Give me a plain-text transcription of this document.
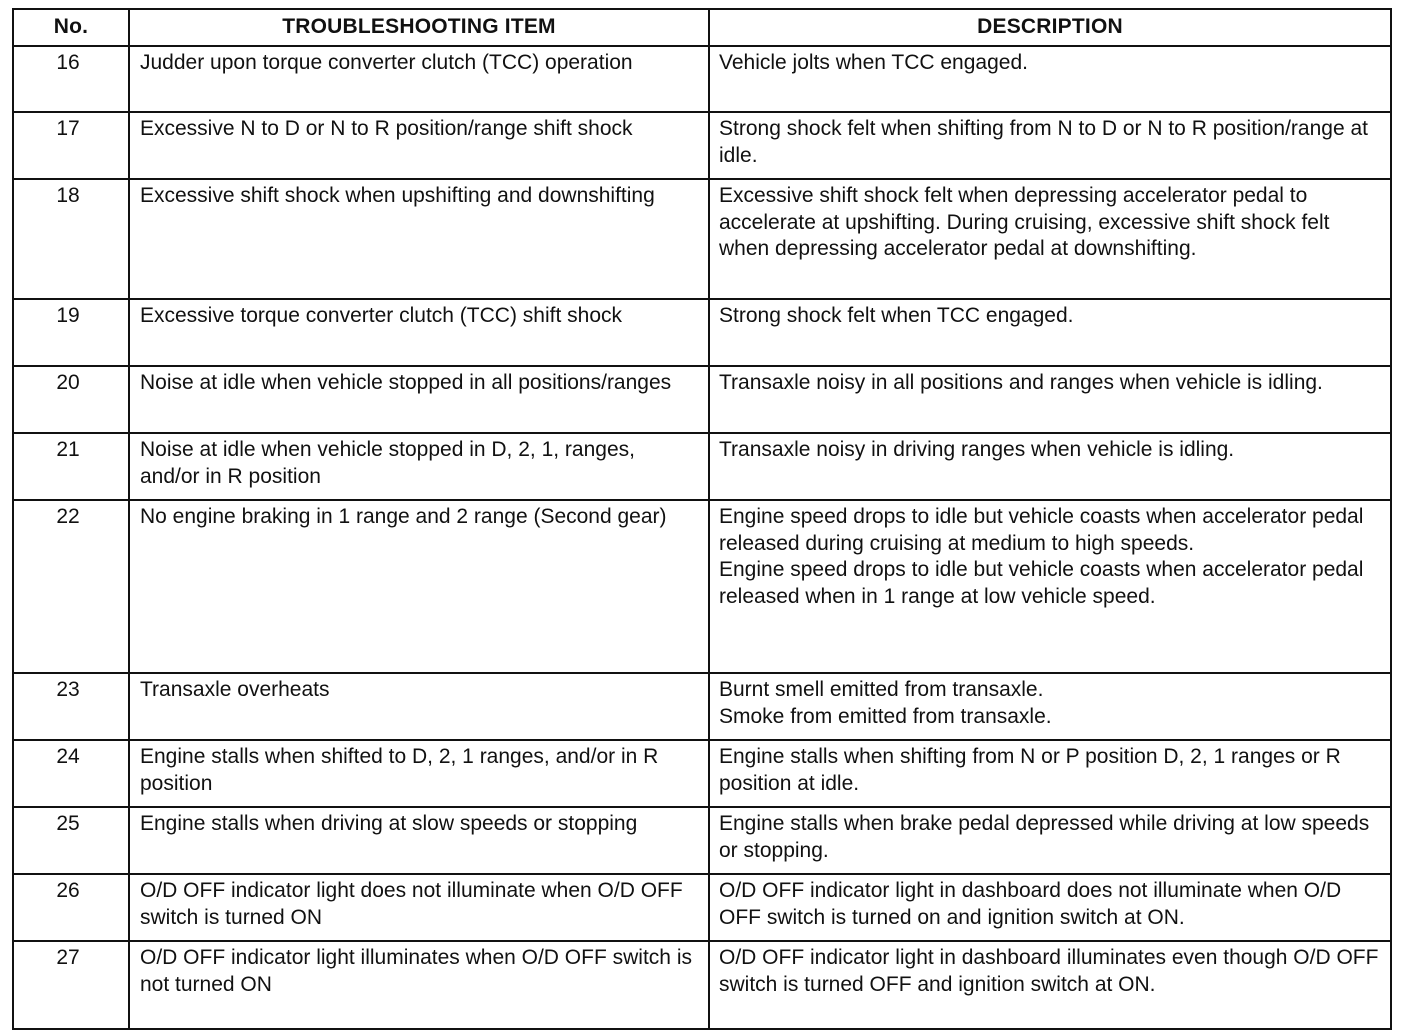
No.	TROUBLESHOOTING ITEM	DESCRIPTION
16	Judder upon torque converter clutch (TCC) operation	Vehicle jolts when TCC engaged.

17	Excessive N to D or N to R position/range shift shock	Strong shock felt when shifting from N to D or N to R position/range at idle.

18	Excessive shift shock when upshifting and downshifting	Excessive shift shock felt when depressing accelerator pedal to accelerate at upshifting. During cruising, excessive shift shock felt when depressing accelerator pedal at downshifting.

19	Excessive torque converter clutch (TCC) shift shock	Strong shock felt when TCC engaged.

20	Noise at idle when vehicle stopped in all positions/ranges	Transaxle noisy in all positions and ranges when vehicle is idling.

21	Noise at idle when vehicle stopped in D, 2, 1, ranges, and/or in R position	Transaxle noisy in driving ranges when vehicle is idling.

22	No engine braking in 1 range and 2 range (Second gear)	Engine speed drops to idle but vehicle coasts when accelerator pedal released during cruising at medium to high speeds.
Engine speed drops to idle but vehicle coasts when accelerator pedal released when in 1 range at low vehicle speed.

23	Transaxle overheats	Burnt smell emitted from transaxle.
Smoke from emitted from transaxle.

24	Engine stalls when shifted to D, 2, 1 ranges, and/or in R position	Engine stalls when shifting from N or P position D, 2, 1 ranges or R position at idle.

25	Engine stalls when driving at slow speeds or stopping	Engine stalls when brake pedal depressed while driving at low speeds or stopping.

26	O/D OFF indicator light does not illuminate when O/D OFF switch is turned ON	O/D OFF indicator light in dashboard does not illuminate when O/D OFF switch is turned on and ignition switch at ON.

27	O/D OFF indicator light illuminates when O/D OFF switch is not turned ON	O/D OFF indicator light in dashboard illuminates even though O/D OFF switch is turned OFF and ignition switch at ON.
